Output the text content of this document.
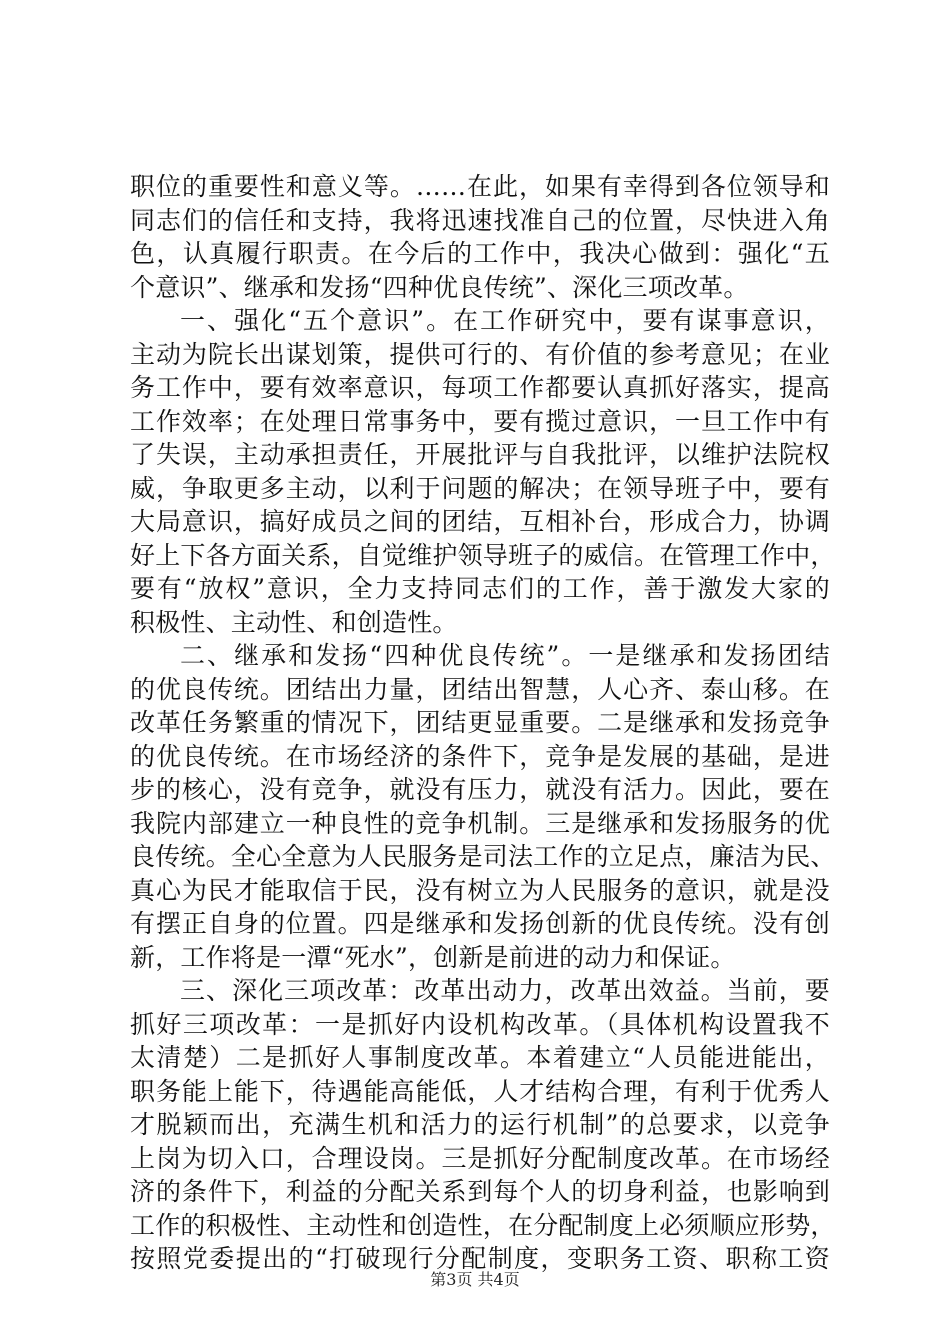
职位的重要性和意义等。……在此，如果有幸得到各位领导和
同志们的信任和支持，我将迅速找准自己的位置，尽快进入角
色，认真履行职责。在今后的工作中，我决心做到：强化“五
个意识”、继承和发扬“四种优良传统”、深化三项改革。
一、强化“五个意识”。在工作研究中，要有谋事意识，
主动为院长出谋划策，提供可行的、有价值的参考意见；在业
务工作中，要有效率意识，每项工作都要认真抓好落实，提高
工作效率；在处理日常事务中，要有揽过意识，一旦工作中有
了失误，主动承担责任，开展批评与自我批评，以维护法院权
威，争取更多主动，以利于问题的解决；在领导班子中，要有
大局意识，搞好成员之间的团结，互相补台，形成合力，协调
好上下各方面关系，自觉维护领导班子的威信。在管理工作中，
要有“放权”意识，全力支持同志们的工作，善于激发大家的
积极性、主动性、和创造性。
二、继承和发扬“四种优良传统”。一是继承和发扬团结
的优良传统。团结出力量，团结出智慧，人心齐、泰山移。在
改革任务繁重的情况下，团结更显重要。二是继承和发扬竞争
的优良传统。在市场经济的条件下，竞争是发展的基础，是进
步的核心，没有竞争，就没有压力，就没有活力。因此，要在
我院内部建立一种良性的竞争机制。三是继承和发扬服务的优
良传统。全心全意为人民服务是司法工作的立足点，廉洁为民、
真心为民才能取信于民，没有树立为人民服务的意识，就是没
有摆正自身的位置。四是继承和发扬创新的优良传统。没有创
新，工作将是一潭“死水”，创新是前进的动力和保证。
三、深化三项改革：改革出动力，改革出效益。当前，要
抓好三项改革：一是抓好内设机构改革。（具体机构设置我不
太清楚）二是抓好人事制度改革。本着建立“人员能进能出，
职务能上能下，待遇能高能低，人才结构合理，有利于优秀人
才脱颖而出，充满生机和活力的运行机制”的总要求，以竞争
上岗为切入口，合理设岗。三是抓好分配制度改革。在市场经
济的条件下，利益的分配关系到每个人的切身利益，也影响到
工作的积极性、主动性和创造性，在分配制度上必须顺应形势，
按照党委提出的“打破现行分配制度，变职务工资、职称工资
第3页 共4页
